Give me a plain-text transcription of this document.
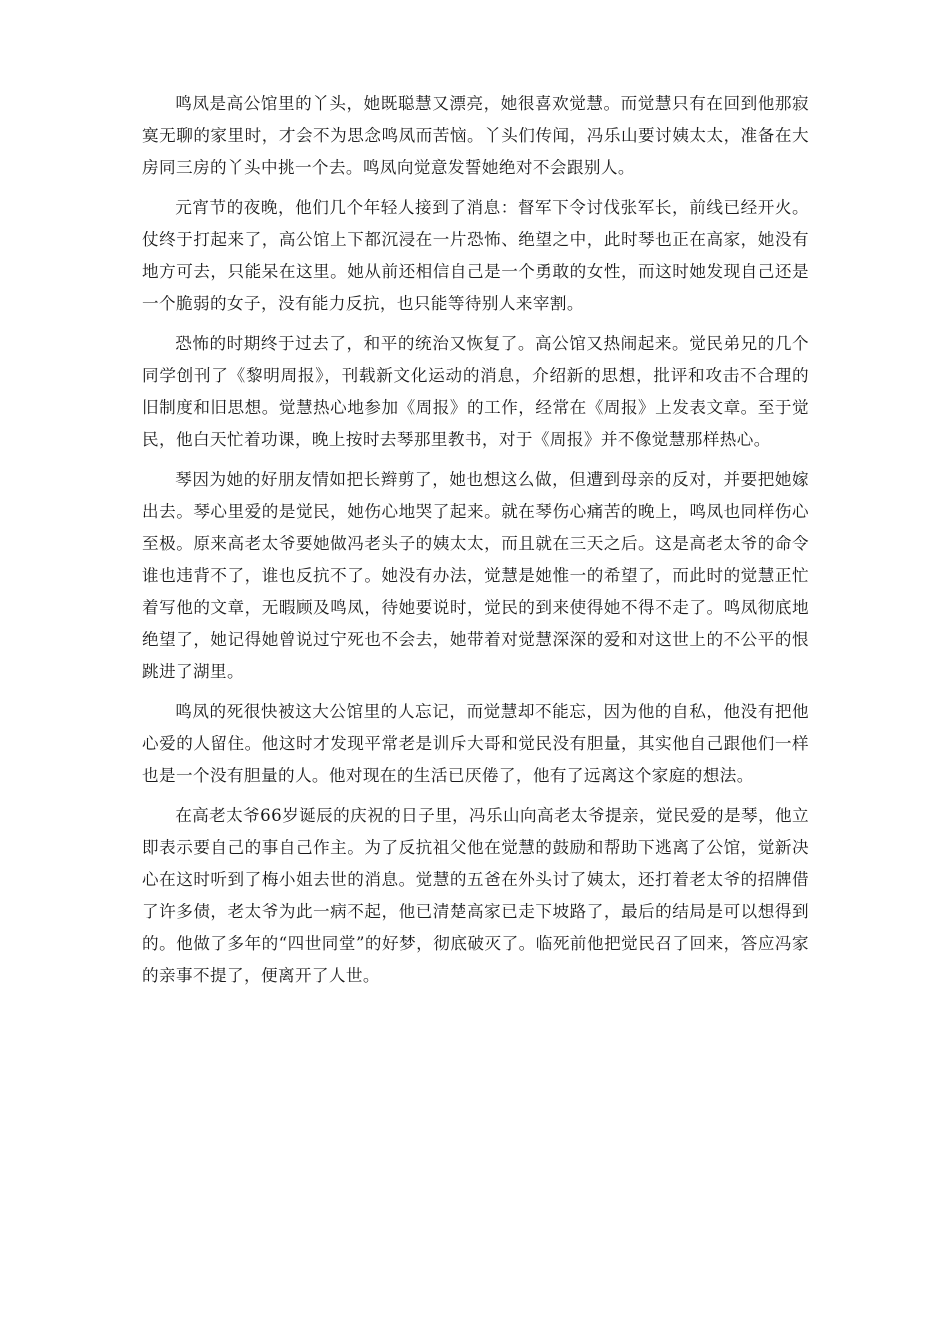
鸣凤是高公馆里的丫头，她既聪慧又漂亮，她很喜欢觉慧。而觉慧只有在回到他那寂寞无聊的家里时，才会不为思念鸣凤而苦恼。丫头们传闻，冯乐山要讨姨太太，准备在大房同三房的丫头中挑一个去。鸣凤向觉意发誓她绝对不会跟别人。

元宵节的夜晚，他们几个年轻人接到了消息：督军下令讨伐张军长，前线已经开火。仗终于打起来了，高公馆上下都沉浸在一片恐怖、绝望之中，此时琴也正在高家，她没有地方可去，只能呆在这里。她从前还相信自己是一个勇敢的女性，而这时她发现自己还是一个脆弱的女子，没有能力反抗，也只能等待别人来宰割。

恐怖的时期终于过去了，和平的统治又恢复了。高公馆又热闹起来。觉民弟兄的几个同学创刊了《黎明周报》，刊载新文化运动的消息，介绍新的思想，批评和攻击不合理的旧制度和旧思想。觉慧热心地参加《周报》的工作，经常在《周报》上发表文章。至于觉民，他白天忙着功课，晚上按时去琴那里教书，对于《周报》并不像觉慧那样热心。

琴因为她的好朋友情如把长辫剪了，她也想这么做，但遭到母亲的反对，并要把她嫁出去。琴心里爱的是觉民，她伤心地哭了起来。就在琴伤心痛苦的晚上，鸣凤也同样伤心至极。原来高老太爷要她做冯老头子的姨太太，而且就在三天之后。这是高老太爷的命令谁也违背不了，谁也反抗不了。她没有办法，觉慧是她惟一的希望了，而此时的觉慧正忙着写他的文章，无暇顾及鸣凤，待她要说时，觉民的到来使得她不得不走了。鸣凤彻底地绝望了，她记得她曾说过宁死也不会去，她带着对觉慧深深的爱和对这世上的不公平的恨跳进了湖里。

鸣凤的死很快被这大公馆里的人忘记，而觉慧却不能忘，因为他的自私，他没有把他心爱的人留住。他这时才发现平常老是训斥大哥和觉民没有胆量，其实他自己跟他们一样也是一个没有胆量的人。他对现在的生活已厌倦了，他有了远离这个家庭的想法。

在高老太爷66岁诞辰的庆祝的日子里，冯乐山向高老太爷提亲，觉民爱的是琴，他立即表示要自己的事自己作主。为了反抗祖父他在觉慧的鼓励和帮助下逃离了公馆，觉新决心在这时听到了梅小姐去世的消息。觉慧的五爸在外头讨了姨太，还打着老太爷的招牌借了许多债，老太爷为此一病不起，他已清楚高家已走下坡路了，最后的结局是可以想得到的。他做了多年的“四世同堂”的好梦，彻底破灭了。临死前他把觉民召了回来，答应冯家的亲事不提了，便离开了人世。
